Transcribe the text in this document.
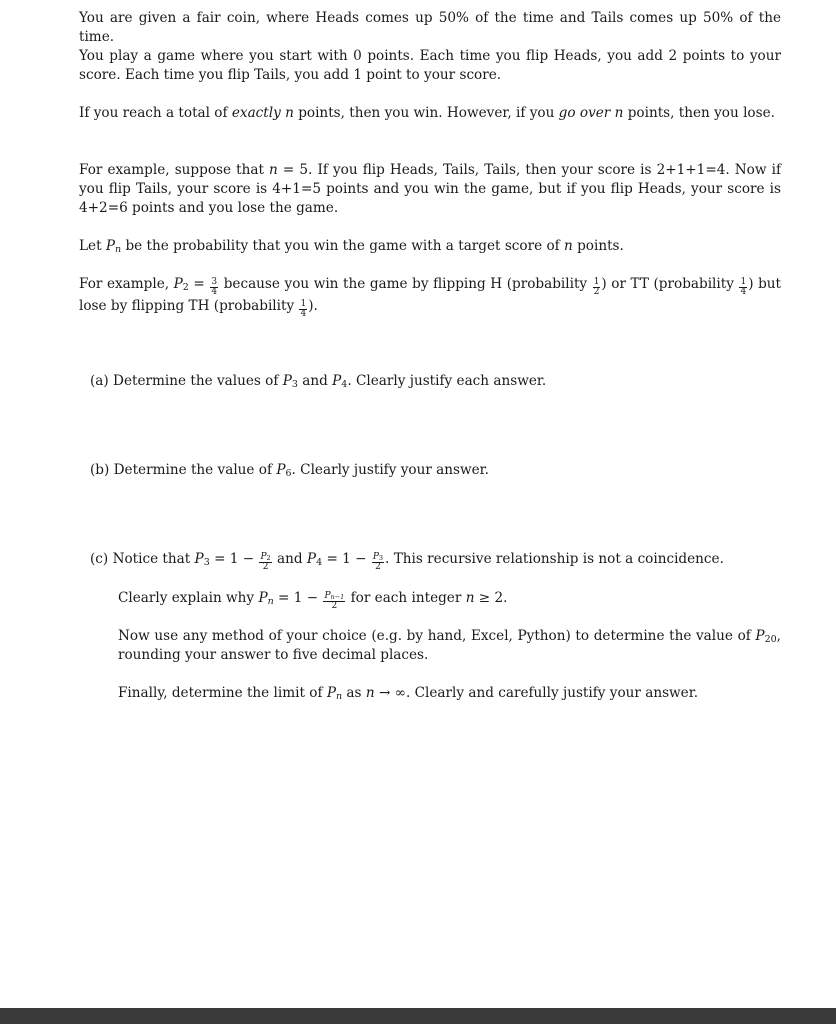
You are given a fair coin, where Heads comes up 50% of the time and Tails comes up 50% of the time.

You play a game where you start with 0 points. Each time you flip Heads, you add 2 points to your score. Each time you flip Tails, you add 1 point to your score.

If you reach a total of exactly n points, then you win. However, if you go over n points, then you lose.

For example, suppose that n = 5. If you flip Heads, Tails, Tails, then your score is 2+1+1=4. Now if you flip Tails, your score is 4+1=5 points and you win the game, but if you flip Heads, your score is 4+2=6 points and you lose the game.

Let $P_n$ be the probability that you win the game with a target score of n points.

For example, $P_2 = \frac{3}{4}$ because you win the game by flipping H (probability $\frac{1}{2}$ ) or TT (probability $\frac{1}{4}$ ) but lose by flipping TH (probability $\frac{1}{4}$ ).

(a) Determine the values of $P_3$ and $P_4$. Clearly justify each answer.

(b) Determine the value of $P_6$. Clearly justify your answer.

(c) Notice that $P_3 = 1 - \frac{P_2}{2}$ and $P_4 = 1 - \frac{P_3}{2}$ . This recursive relationship is not a coincidence.

Clearly explain why $P_n = 1 - \frac{P_{n-1}}{2}$ for each integer n ≥ 2.

Now use any method of your choice (e.g. by hand, Excel, Python) to determine the value of $P_{20}$, rounding your answer to five decimal places.

Finally, determine the limit of $P_n$ as n → ∞. Clearly and carefully justify your answer.
